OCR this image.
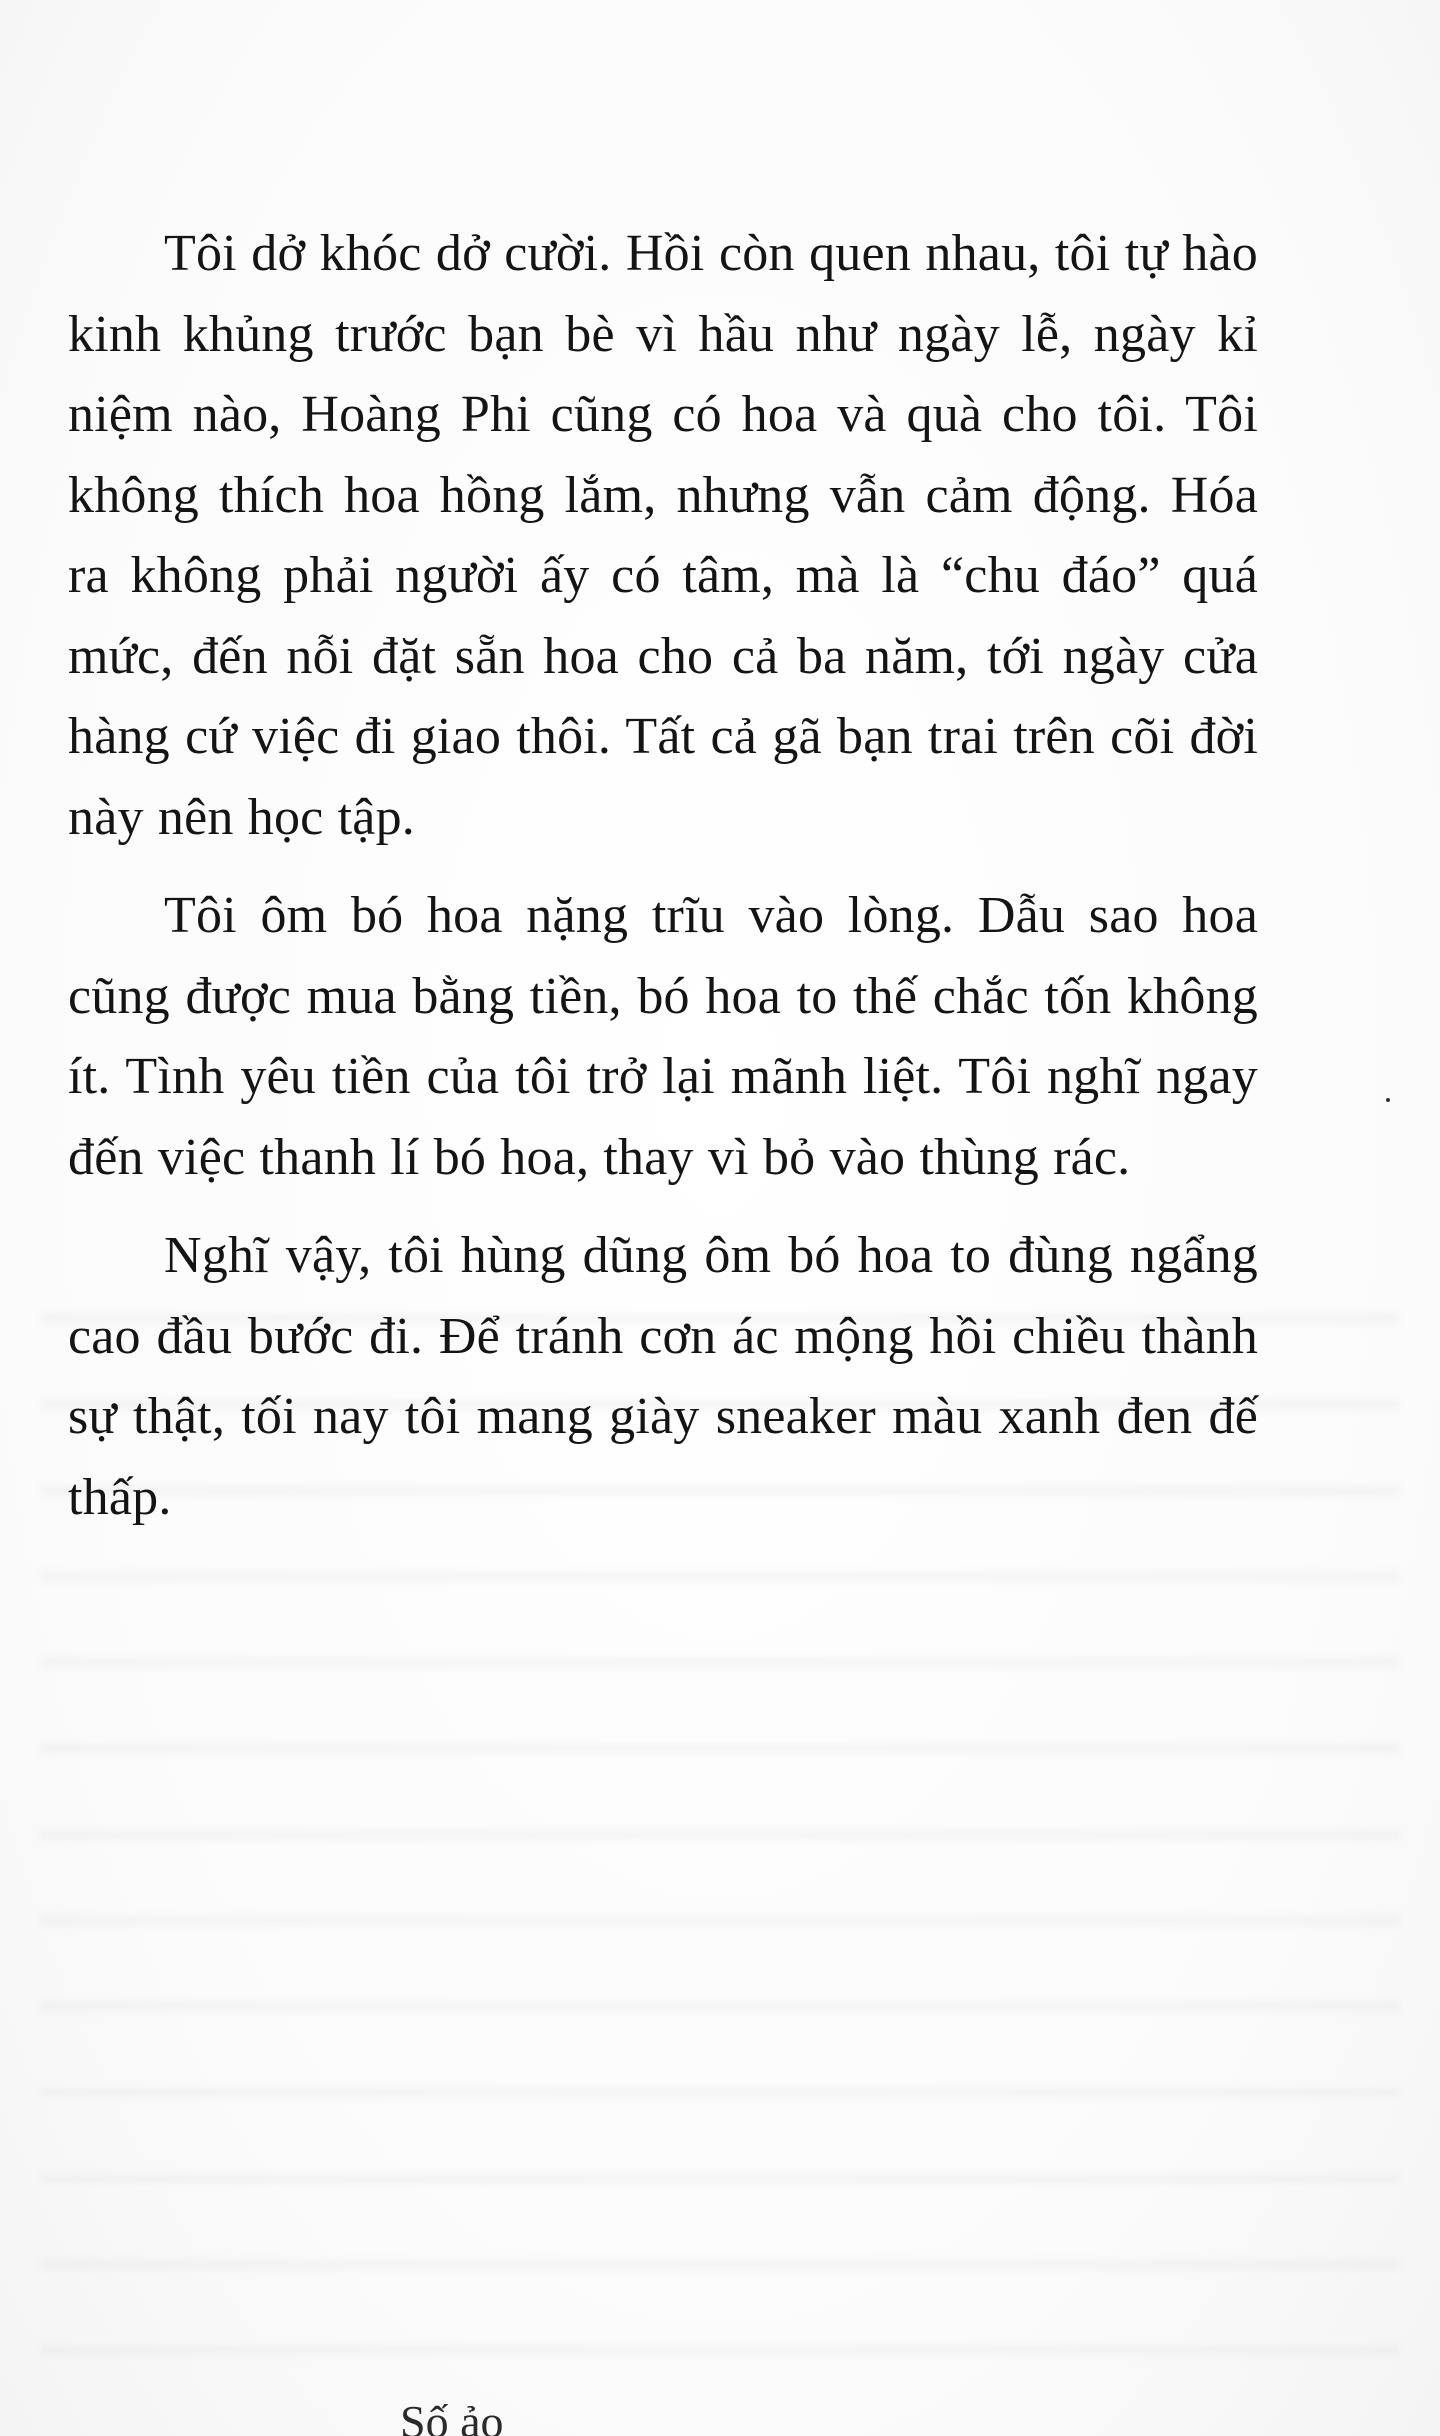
Tôi dở khóc dở cười. Hồi còn quen nhau, tôi tự hào kinh khủng trước bạn bè vì hầu như ngày lễ, ngày kỉ niệm nào, Hoàng Phi cũng có hoa và quà cho tôi. Tôi không thích hoa hồng lắm, nhưng vẫn cảm động. Hóa ra không phải người ấy có tâm, mà là “chu đáo” quá mức, đến nỗi đặt sẵn hoa cho cả ba năm, tới ngày cửa hàng cứ việc đi giao thôi. Tất cả gã bạn trai trên cõi đời này nên học tập.

Tôi ôm bó hoa nặng trĩu vào lòng. Dẫu sao hoa cũng được mua bằng tiền, bó hoa to thế chắc tốn không ít. Tình yêu tiền của tôi trở lại mãnh liệt. Tôi nghĩ ngay đến việc thanh lí bó hoa, thay vì bỏ vào thùng rác.

Nghĩ vậy, tôi hùng dũng ôm bó hoa to đùng ngẩng cao đầu bước đi. Để tránh cơn ác mộng hồi chiều thành sự thật, tối nay tôi mang giày sneaker màu xanh đen đế thấp.

Số ảo
